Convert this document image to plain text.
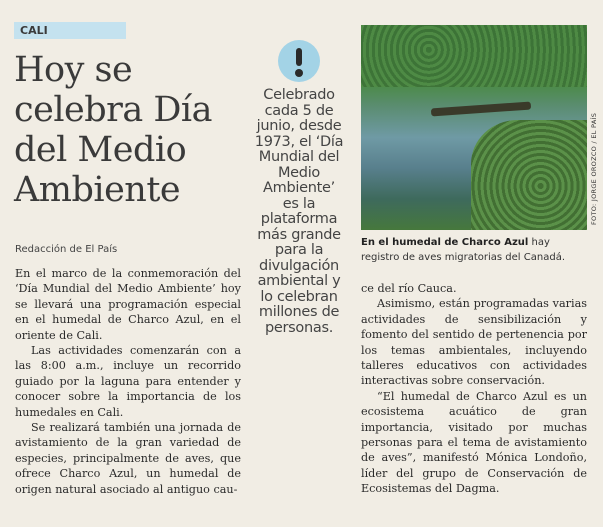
CALI
Hoy se celebra Día del Medio Ambiente
Redacción de El País
Celebrado cada 5 de junio, desde 1973, el ‘Día Mundial del Medio Ambiente’ es la plataforma más grande para la divulgación ambiental y lo celebran millones de personas.
FOTO: JORGE OROZCO / EL PAÍS
En el humedal de Charco Azul hay registro de aves migratorias del Canadá.

En el marco de la conmemoración del ‘Día Mundial del Medio Ambiente’ hoy se llevará una programación especial en el humedal de Charco Azul, en el oriente de Cali.

Las actividades comenzarán con a las 8:00 a.m., incluye un recorrido guiado por la laguna para entender y conocer sobre la importancia de los humedales en Cali.

Se realizará también una jornada de avistamiento de la gran variedad de especies, principalmente de aves, que ofrece Charco Azul, un humedal de origen natural asociado al antiguo cau-

ce del río Cauca.

Asimismo, están programadas varias actividades de sensibilización y fomento del sentido de pertenencia por los temas ambientales, incluyendo talleres educativos con actividades interactivas sobre conservación.

“El humedal de Charco Azul es un ecosistema acuático de gran importancia, visitado por muchas personas para el tema de avistamiento de aves”, manifestó Mónica Londoño, líder del grupo de Conservación de Ecosistemas del Dagma.
